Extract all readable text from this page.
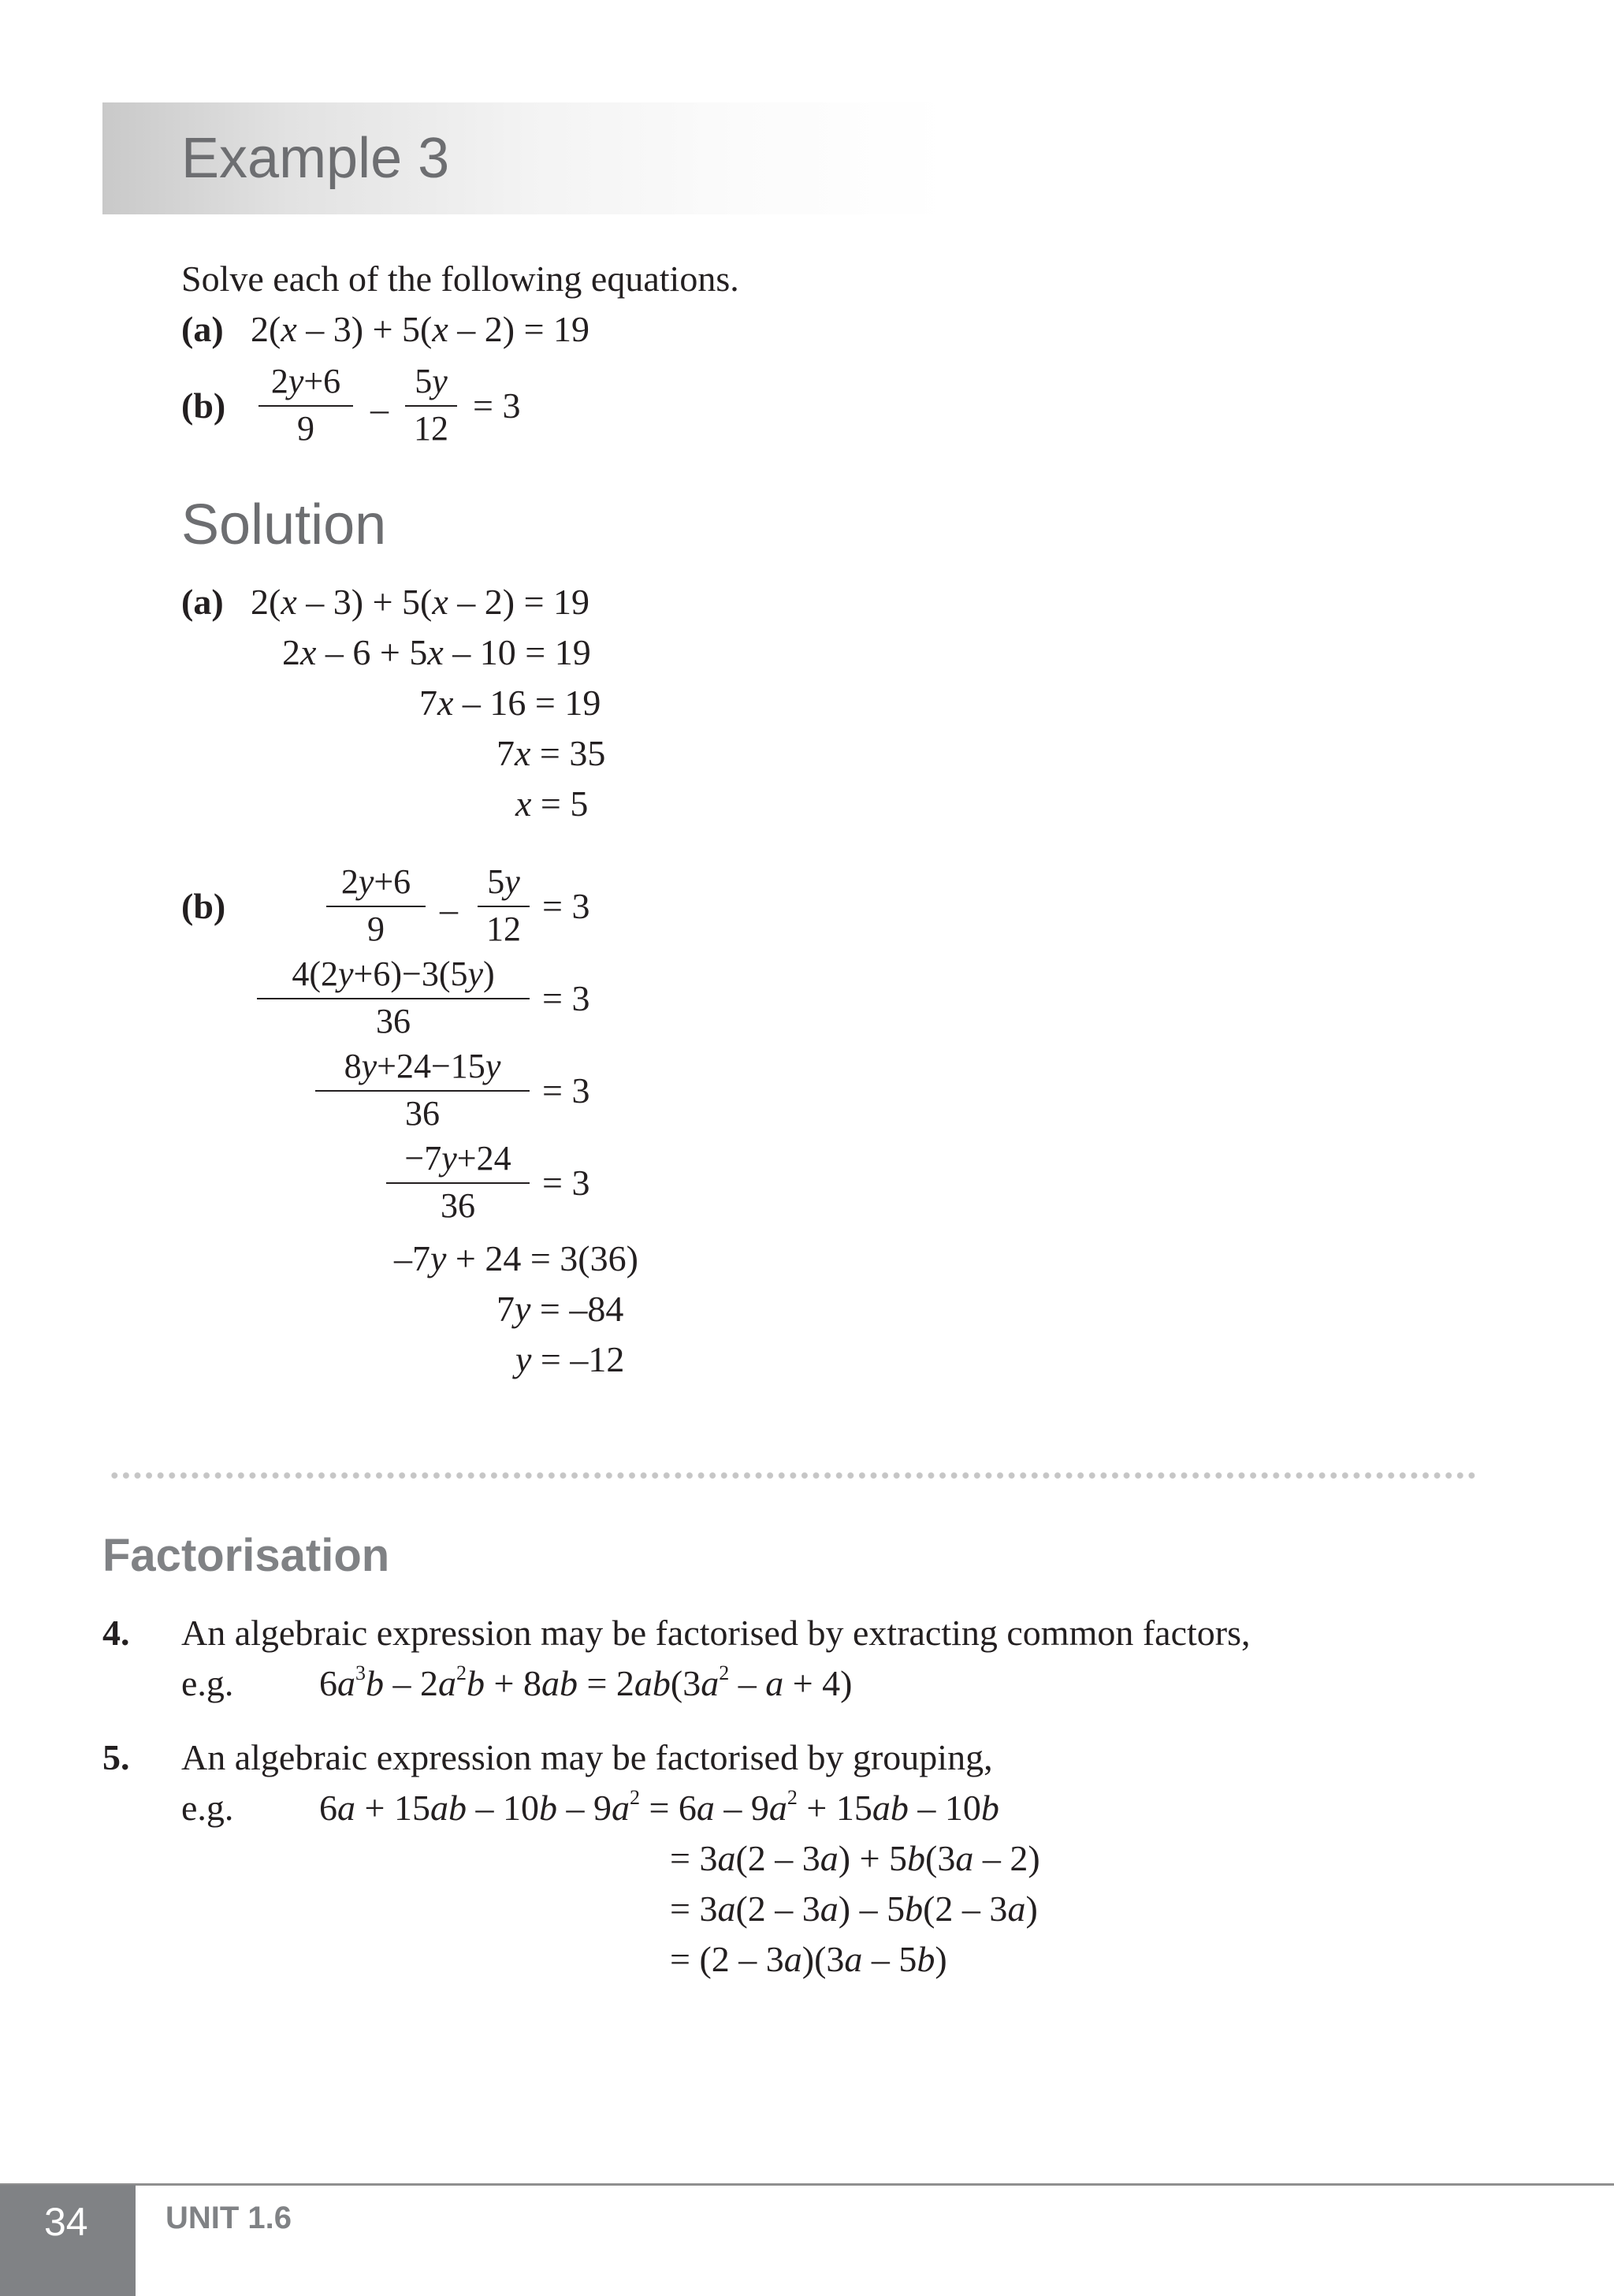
Example 3
Solve each of the following equations.
(a) 2(x – 3) + 5(x – 2) = 19
(b)
2y+6
9	–
5y
12
= 3
Solution
(a) 2(x – 3) + 5(x – 2) = 19
2x – 6 + 5x – 10 = 19
7x – 16 = 19
7x = 35
x = 5
(b)
2y+6
9	–
5y
12
= 3
4(2y+6)−3(5y)
36
= 3
8y+24−15y
36
= 3
−7y+24
36
= 3
–7y + 24 = 3(36)
7y = –84
y = –12
Factorisation
4. An algebraic expression may be factorised by extracting common factors,
e.g. $6a^3b - 2a^2b + 8ab = 2ab(3a^2 - a + 4)$
5. An algebraic expression may be factorised by grouping,
e.g. $6a + 15ab - 10b - 9a^2 = 6a - 9a^2 + 15ab - 10b$
= 3a(2 – 3a) + 5b(3a – 2)
= 3a(2 – 3a) – 5b(2 – 3a)
= (2 – 3a)(3a – 5b)
34 UNIT 1.6
